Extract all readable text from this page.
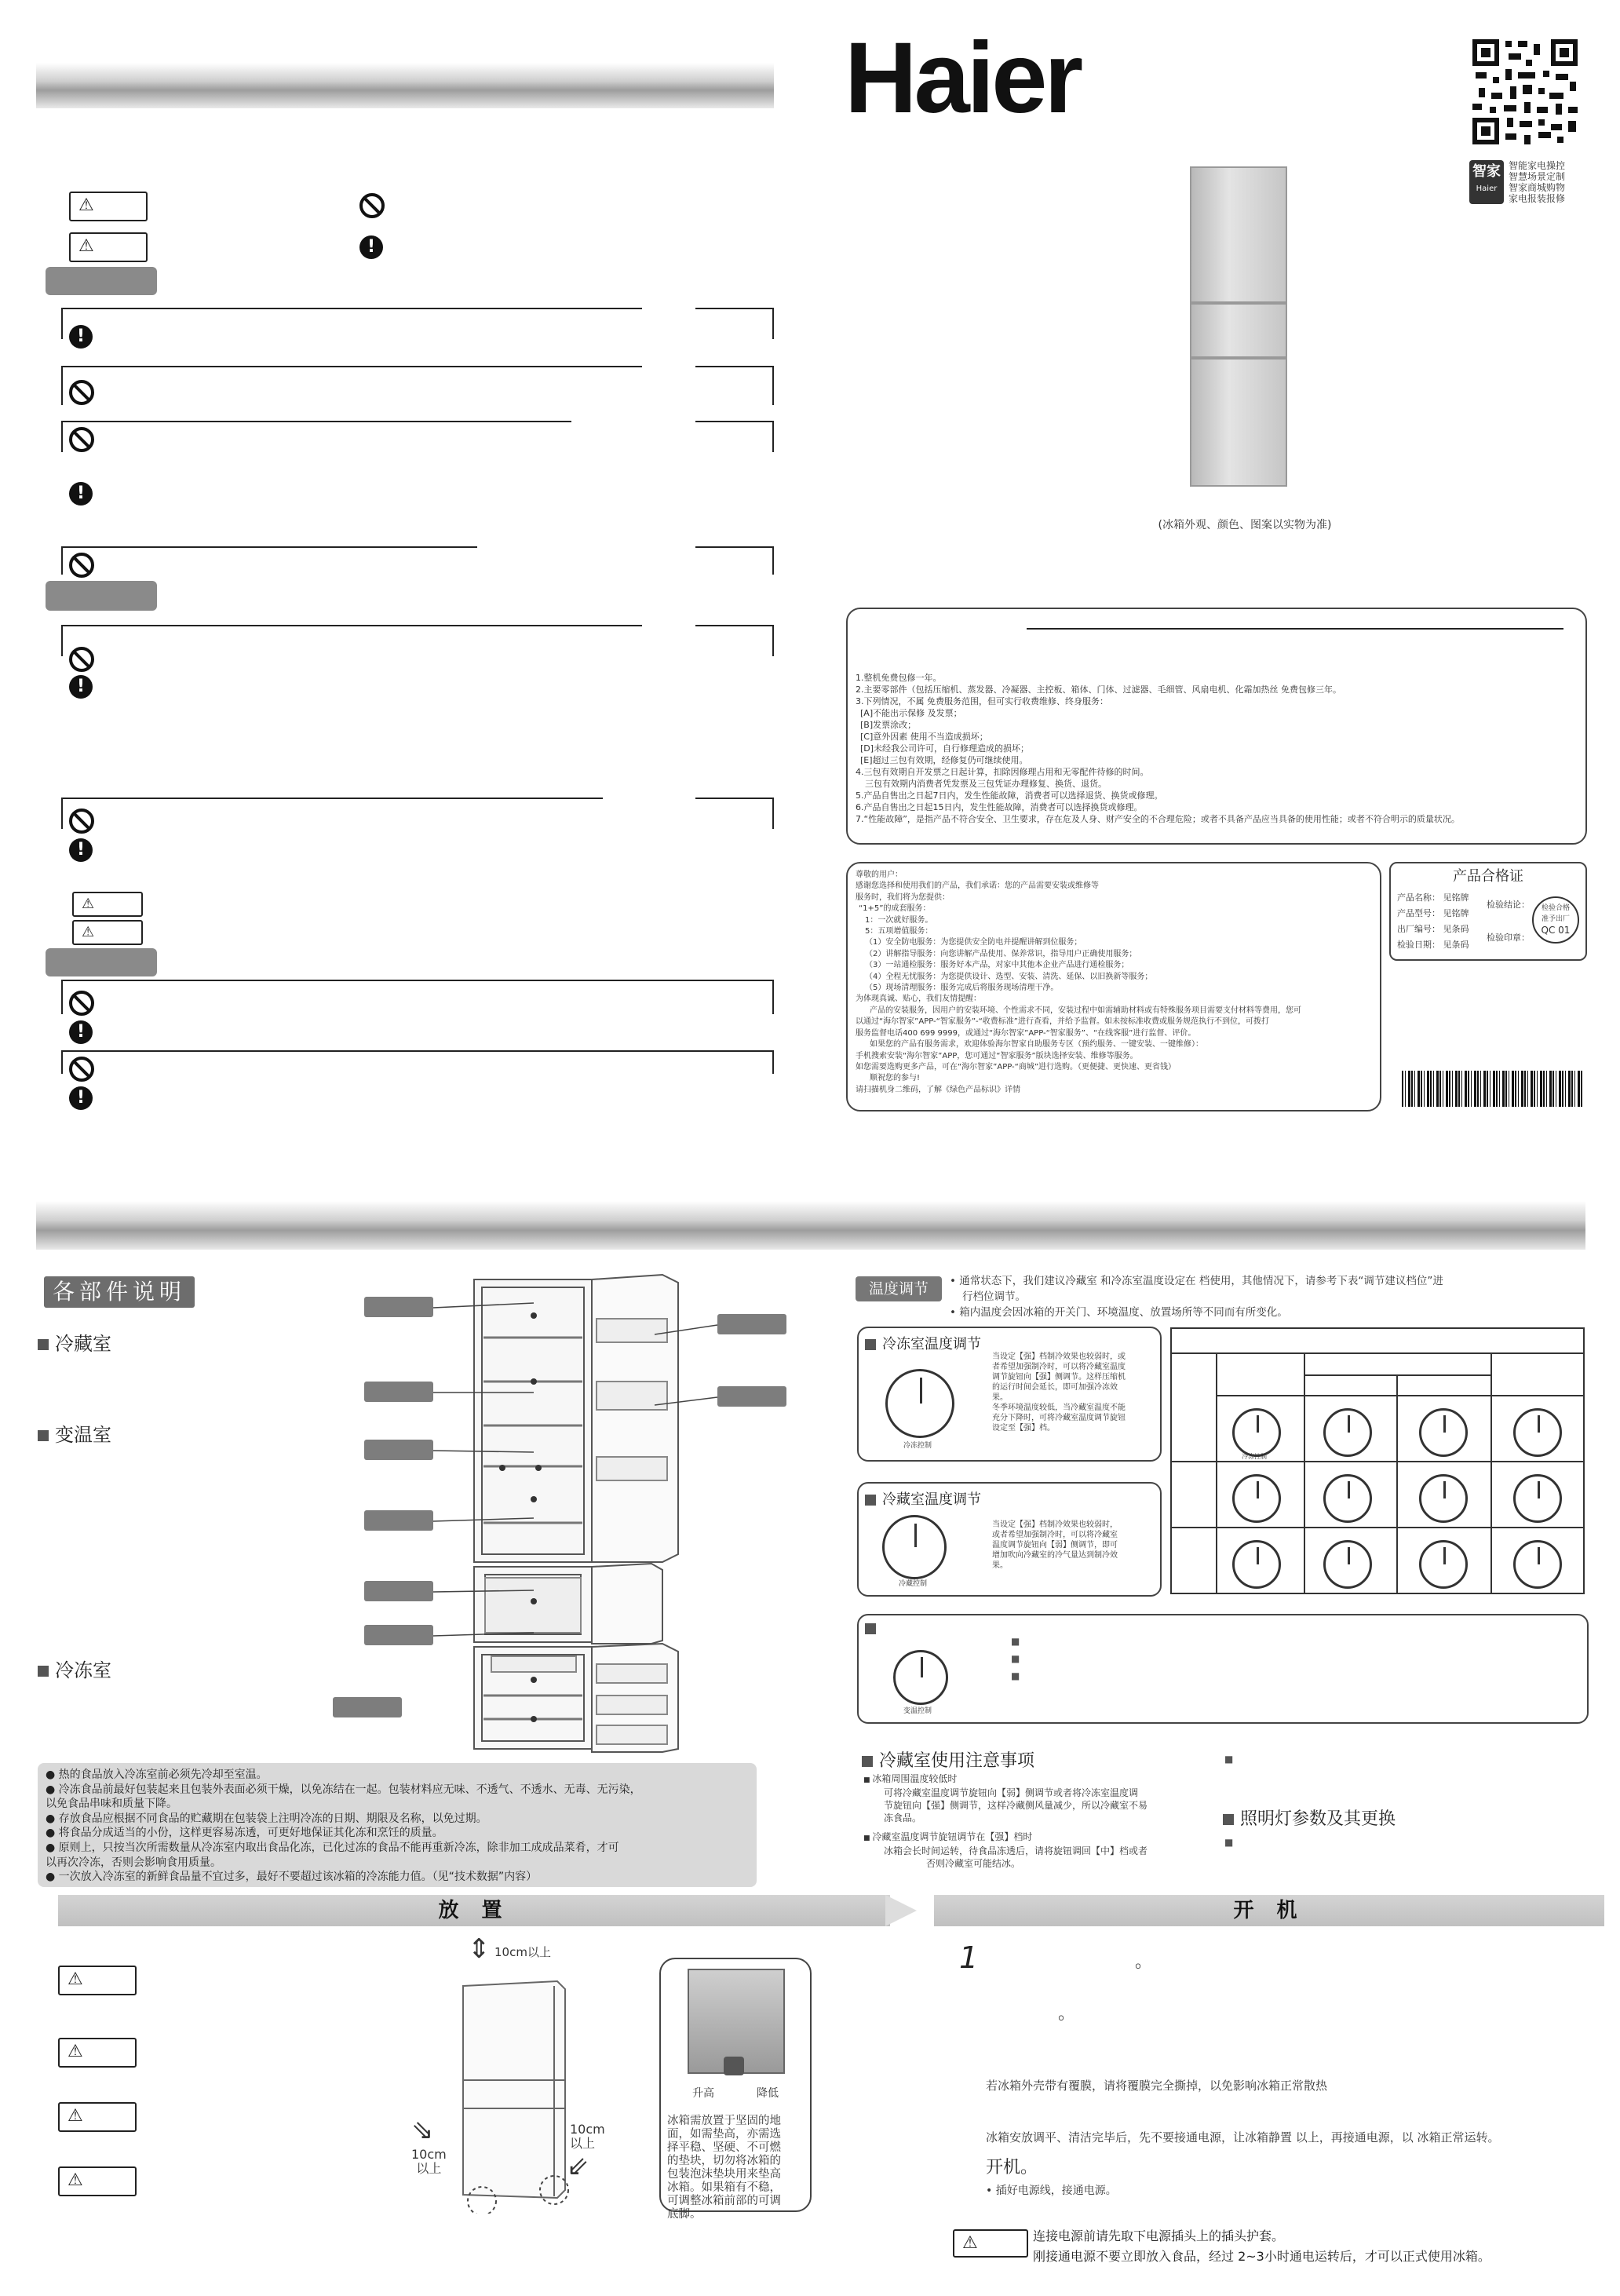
⚠
⚠	!
!
!
!
!
⚠
⚠
!
!
Haier
智家
Haier
智能家电操控
智慧场景定制
智家商城购物
家电报装报修
(冰箱外观、颜色、图案以实物为准)
1.整机免费包修一年。
2.主要零部件（包括压缩机、蒸发器、冷凝器、主控板、箱体、门体、过滤器、毛细管、风扇电机、化霜加热丝 免费包修三年。
3.下列情况，不属 免费服务范围，但可实行收费维修、终身服务：
[A]不能出示保修 及发票；
[B]发票涂改；
[C]意外因素 使用不当造成损坏；
[D]未经我公司许可，自行修理造成的损坏；
[E]超过三包有效期，经修复仍可继续使用。
4.三包有效期自开发票之日起计算，扣除因修理占用和无零配件待修的时间。
三包有效期内消费者凭发票及三包凭证办理修复、换货、退货。
5.产品自售出之日起7日内，发生性能故障，消费者可以选择退货、换货或修理。
6.产品自售出之日起15日内，发生性能故障，消费者可以选择换货或修理。
7.“性能故障”，是指产品不符合安全、卫生要求，存在危及人身、财产安全的不合理危险；或者不具备产品应当具备的使用性能；或者不符合明示的质量状况。
尊敬的用户：
感谢您选择和使用我们的产品，我们承诺：您的产品需要安装或维修等
服务时，我们将为您提供：
“1+5”的成套服务：
1：一次就好服务。
5：五项增值服务：
（1）安全防电服务：为您提供安全防电并提醒讲解到位服务；
（2）讲解指导服务：向您讲解产品使用、保养常识，指导用户正确使用服务；
（3）一站通检服务：服务好本产品，对家中其他本企业产品进行通检服务；
（4）全程无忧服务：为您提供设计、选型、安装、清洗、延保、以旧换新等服务；
（5）现场清理服务：服务完成后将服务现场清理干净。
为体现真诚、贴心，我们友情提醒：
产品的安装服务，因用户的安装环境、个性需求不同，安装过程中如需辅助材料或有特殊服务项目需要支付材料等费用，您可
以通过“海尔智家”APP-“智家服务”-“收费标准”进行查看，并给予监督。如未按标准收费或服务规范执行不到位，可拨打
服务监督电话400 699 9999，或通过“海尔智家”APP-“智家服务”、“在线客服”进行监督、评价。
如果您的产品有服务需求，欢迎体验海尔智家自助服务专区（预约服务、一键安装、一键维修）：
手机搜索安装“海尔智家”APP，您可通过“智家服务”版块选择安装、维修等服务。
如您需要选购更多产品，可在“海尔智家”APP-“商城”进行选购。（更便捷、更快速、更省钱）
顺祝您的参与!
请扫描机身二维码，了解《绿色产品标识》详情
产品合格证
产品名称： 见铭牌
产品型号： 见铭牌
出厂编号： 见条码
检验日期： 见条码
检验结论：
检验印章：
检验合格
准予出厂
QC 01
各部件说明
冷藏室
变温室
冷冻室
● 热的食品放入冷冻室前必须先冷却至室温。
● 冷冻食品前最好包装起来且包装外表面必须干燥，以免冻结在一起。包装材料应无味、不透气、不透水、无毒、无污染，
以免食品串味和质量下降。
● 存放食品应根据不同食品的贮藏期在包装袋上注明冷冻的日期、期限及名称，以免过期。
● 将食品分成适当的小份，这样更容易冻透，可更好地保证其化冻和烹饪的质量。
● 原则上，只按当次所需数量从冷冻室内取出食品化冻，已化过冻的食品不能再重新冷冻，除非加工成成品菜肴，才可
以再次冷冻，否则会影响食用质量。
● 一次放入冷冻室的新鲜食品量不宜过多，最好不要超过该冰箱的冷冻能力值。（见“技术数据”内容）
温度调节	• 通常状态下，我们建议冷藏室 和冷冻室温度设定在 档使用，其他情况下，请参考下表“调节建议档位”进
行档位调节。
• 箱内温度会因冰箱的开关门、环境温度、放置场所等不同而有所变化。
冷冻室温度调节
冷冻控制
当设定【强】档制冷效果也较弱时，或
者希望加强制冷时，可以将冷藏室温度
调节旋钮向【强】侧调节。这样压缩机
的运行时间会延长，即可加强冷冻效
果。
冬季环境温度较低，当冷藏室温度不能
充分下降时，可将冷藏室温度调节旋钮
设定至【强】档。
冷藏室温度调节
冷藏控制
当设定【强】档制冷效果也较弱时，
或者希望加强制冷时，可以将冷藏室
温度调节旋钮向【弱】侧调节，即可
增加吹向冷藏室的冷气量达到制冷效
果。
冷冻控制
变温控制
■
■
■
冷藏室使用注意事项
■ 冰箱周围温度较低时
可将冷藏室温度调节旋钮向【弱】侧调节或者将冷冻室温度调
节旋钮向【强】侧调节，这样冷藏侧风量减少，所以冷藏室不易
冻食品。
■ 冷藏室温度调节旋钮调节在【强】档时
冰箱会长时间运转，待食品冻透后，请将旋钮调回【中】档或者
否则冷藏室可能结冰。
■
照明灯参数及其更换
■
放 置	开 机
⚠
⚠
⚠
⚠
⇕ 10cm以上
⇘
10cm
以上	⇙
10cm
以上
升高	降低
冰箱需放置于坚固的地
面，如需垫高，亦需选
择平稳、坚硬、不可燃
的垫块，切勿将冰箱的
包装泡沫垫块用来垫高
冰箱。如果箱有不稳，
可调整冰箱前部的可调
底脚。
1	。
。
若冰箱外壳带有覆膜，请将覆膜完全撕掉，以免影响冰箱正常散热
冰箱安放调平、清洁完毕后，先不要接通电源，让冰箱静置 以上，再接通电源，以 冰箱正常运转。
开机。
• 插好电源线，接通电源。
⚠	连接电源前请先取下电源插头上的插头护套。
刚接通电源不要立即放入食品，经过 2~3小时通电运转后，才可以正式使用冰箱。
